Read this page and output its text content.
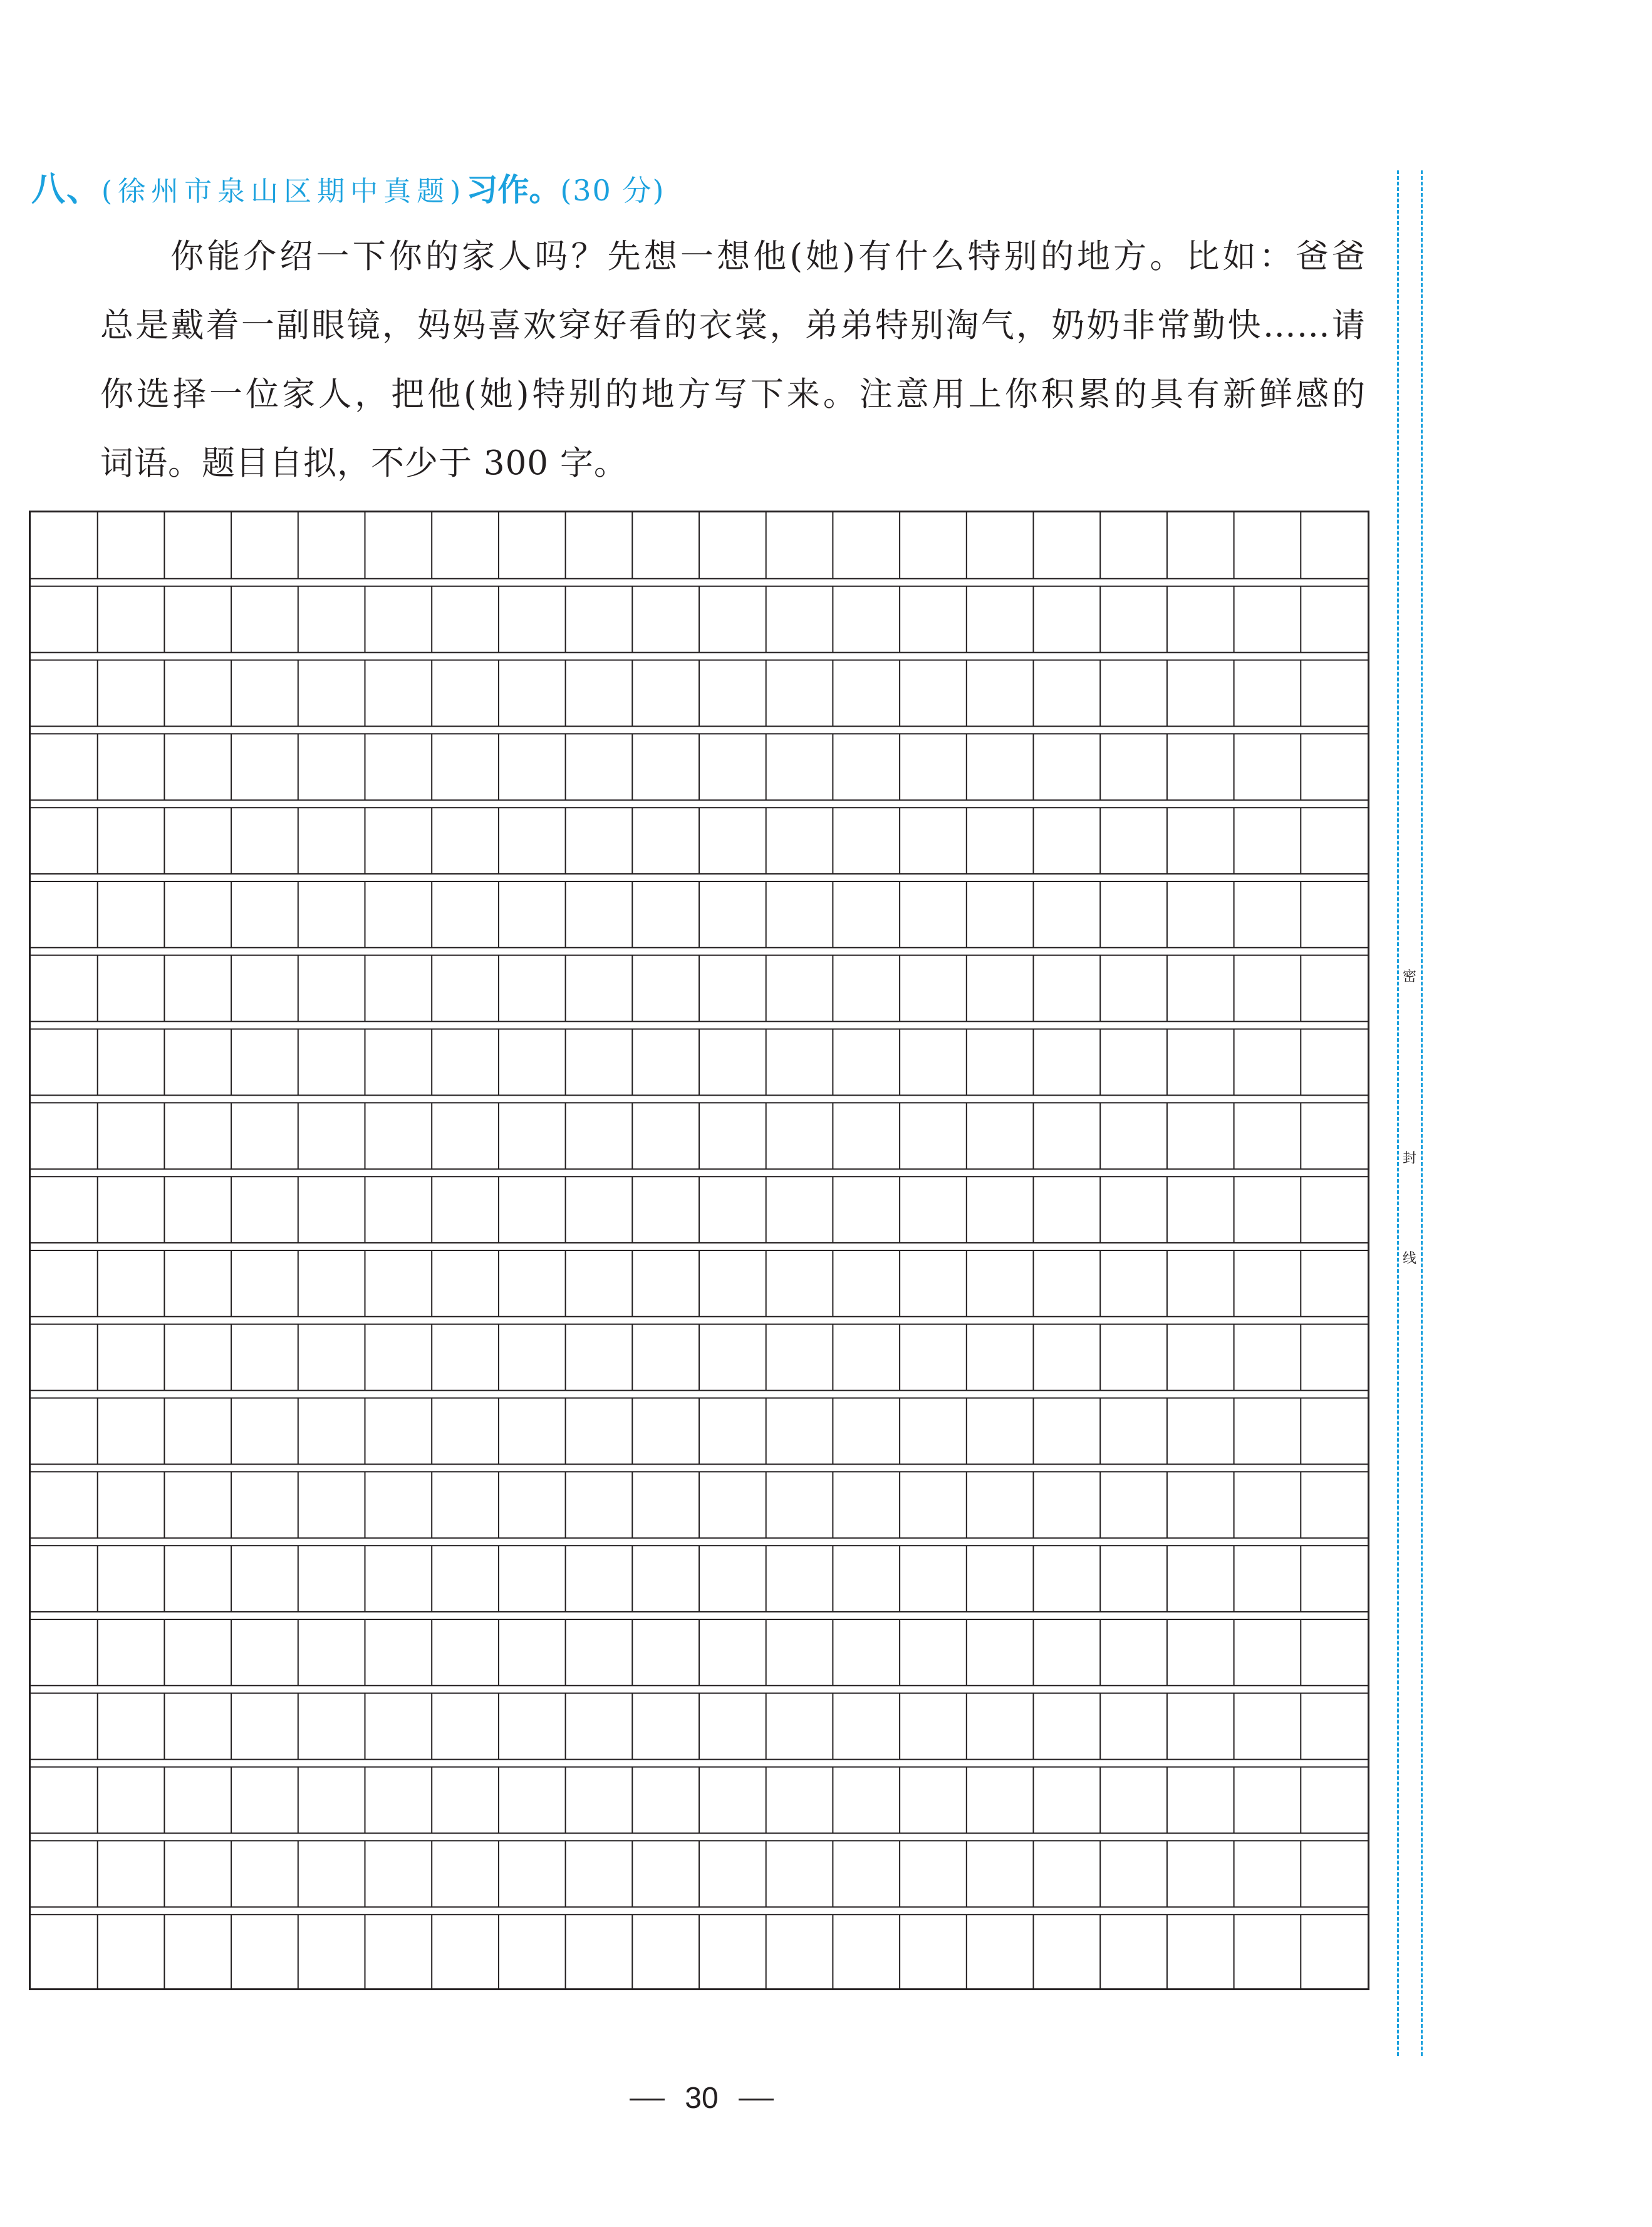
八、(徐州市泉山区期中真题)习作。(30 分)
你能介绍一下你的家人吗？先想一想他(她)有什么特别的地方。比如：爸爸
总是戴着一副眼镜，妈妈喜欢穿好看的衣裳，弟弟特别淘气，奶奶非常勤快……请
你选择一位家人，把他(她)特别的地方写下来。注意用上你积累的具有新鲜感的
词语。题目自拟，不少于 300 字。
密
封
线
30
